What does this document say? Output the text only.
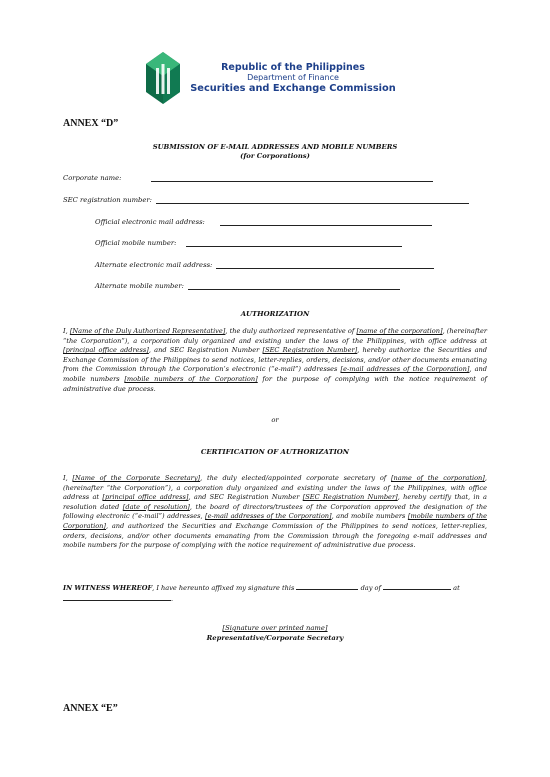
Republic of the Philippines
Department of Finance
Securities and Exchange Commission
ANNEX “D”
SUBMISSION OF E-MAIL ADDRESSES AND MOBILE NUMBERS
(for Corporations)
Corporate name:
SEC registration number:
Official electronic mail address:
Official mobile number:
Alternate electronic mail address:
Alternate mobile number:
AUTHORIZATION
I, [Name of the Duly Authorized Representative], the duly authorized representative of [name of the corporation], (hereinafter “the Corporation”), a corporation duly organized and existing under the laws of the Philippines, with office address at [principal office address], and SEC Registration Number [SEC Registration Number], hereby authorize the Securities and Exchange Commission of the Philippines to send notices, letter-replies, orders, decisions, and/or other documents emanating from the Commission through the Corporation’s electronic (“e-mail”) addresses [e-mail addresses of the Corporation], and mobile numbers [mobile numbers of the Corporation] for the purpose of complying with the notice requirement of administrative due process.
or
CERTIFICATION OF AUTHORIZATION
I, [Name of the Corporate Secretary], the duly elected/appointed corporate secretary of [name of the corporation], (hereinafter “the Corporation”), a corporation duly organized and existing under the laws of the Philippines, with office address at [principal office address], and SEC Registration Number [SEC Registration Number], hereby certify that, in a resolution dated [date of resolution], the board of directors/trustees of the Corporation approved the designation of the following electronic (“e-mail”) addresses, [e-mail addresses of the Corporation], and mobile numbers [mobile numbers of the Corporation], and authorized the Securities and Exchange Commission of the Philippines to send notices, letter-replies, orders, decisions, and/or other documents emanating from the Commission through the foregoing e-mail addresses and mobile numbers for the purpose of complying with the notice requirement of administrative due process.
IN WITNESS WHEREOF, I have hereunto affixed my signature this	day of	at
.
[Signature over printed name]
Representative/Corporate Secretary
ANNEX “E”
